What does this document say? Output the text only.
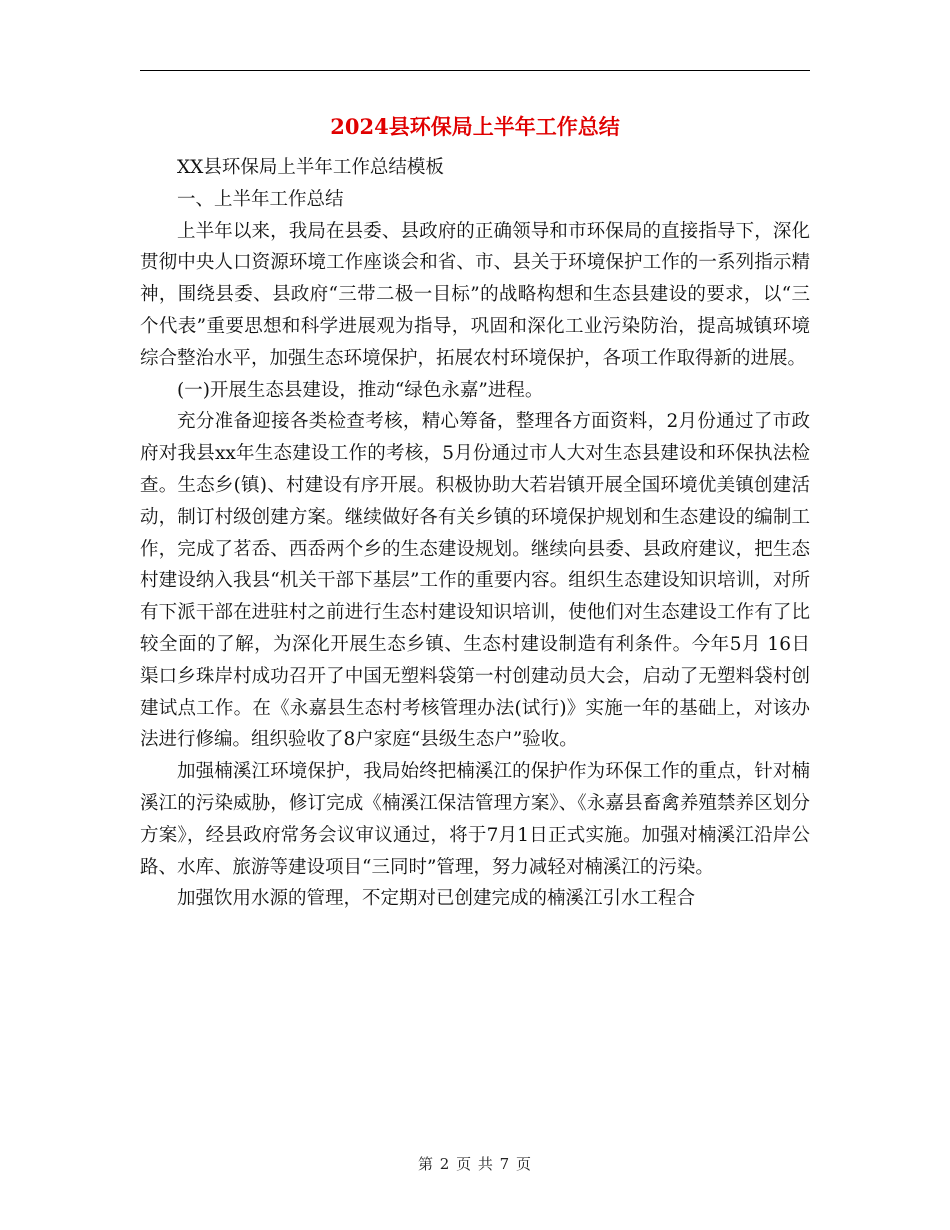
2024县环保局上半年工作总结

XX县环保局上半年工作总结模板

一、上半年工作总结

上半年以来，我局在县委、县政府的正确领导和市环保局的直接指导下，深化贯彻中央人口资源环境工作座谈会和省、市、县关于环境保护工作的一系列指示精神，围绕县委、县政府“三带二极一目标”的战略构想和生态县建设的要求，以“三个代表”重要思想和科学进展观为指导，巩固和深化工业污染防治，提高城镇环境综合整治水平，加强生态环境保护，拓展农村环境保护，各项工作取得新的进展。

(一)开展生态县建设，推动“绿色永嘉”进程。

充分准备迎接各类检查考核，精心筹备，整理各方面资料，2月份通过了市政府对我县xx年生态建设工作的考核，5月份通过市人大对生态县建设和环保执法检查。生态乡(镇)、村建设有序开展。积极协助大若岩镇开展全国环境优美镇创建活动，制订村级创建方案。继续做好各有关乡镇的环境保护规划和生态建设的编制工作，完成了茗岙、西岙两个乡的生态建设规划。继续向县委、县政府建议，把生态村建设纳入我县“机关干部下基层”工作的重要内容。组织生态建设知识培训，对所有下派干部在进驻村之前进行生态村建设知识培训，使他们对生态建设工作有了比较全面的了解，为深化开展生态乡镇、生态村建设制造有利条件。今年5月 16日渠口乡珠岸村成功召开了中国无塑料袋第一村创建动员大会，启动了无塑料袋村创建试点工作。在《永嘉县生态村考核管理办法(试行)》实施一年的基础上，对该办法进行修编。组织验收了8户家庭“县级生态户”验收。

加强楠溪江环境保护，我局始终把楠溪江的保护作为环保工作的重点，针对楠溪江的污染威胁，修订完成《楠溪江保洁管理方案》、《永嘉县畜禽养殖禁养区划分方案》，经县政府常务会议审议通过，将于7月1日正式实施。加强对楠溪江沿岸公路、水库、旅游等建设项目“三同时”管理，努力减轻对楠溪江的污染。

加强饮用水源的管理，不定期对已创建完成的楠溪江引水工程合

第 2 页 共 7 页
